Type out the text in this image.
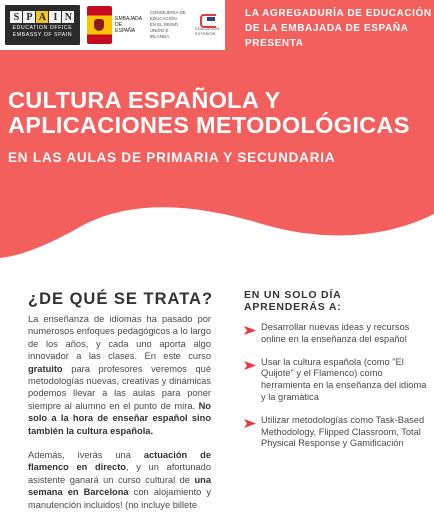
S P A I N
EDUCATION OFFICE
EMBASSY OF SPAIN
EMBAJADA
DE ESPAÑA
CONSEJERÍA DE EDUCACIÓN
EN EL REINO UNIDO E IRLANDA
EDUCACIÓN EXTERIOR
LA AGREGADURÍA DE EDUCACIÓN
DE LA EMBAJADA DE ESPAÑA
PRESENTA
CULTURA ESPAÑOLA Y
APLICACIONES METODOLÓGICAS
EN LAS AULAS DE PRIMARIA Y SECUNDARIA
¿DE QUÉ SE TRATA?

La enseñanza de idiomas ha pasado por numerosos enfoques pedagógicos a lo largo de los años, y cada uno aporta algo innovador a las clases. En este curso gratuito para profesores veremos qué metodologías nuevas, creativas y dinámicas podemos llevar a las aulas para poner siempre al alumno en el punto de mira. No solo a la hora de enseñar español sino también la cultura española.

Además, iverás una actuación de flamenco en directo, y un afortunado asistente ganará un curso cultural de una semana en Barcelona con alojamiento y manutención incluidos! (no incluye billete

EN UN SOLO DÍA
APRENDERÁS A:
Desarrollar nuevas ideas y recursos online en la enseñanza del español
Usar la cultura española (como "El Quijote" y el Flamenco) como herramienta en la enseñanza del idioma y la gramática
Utilizar metodologías como Task-Based Methodology, Flipped Classroom, Total Physical Response y Gamificación
